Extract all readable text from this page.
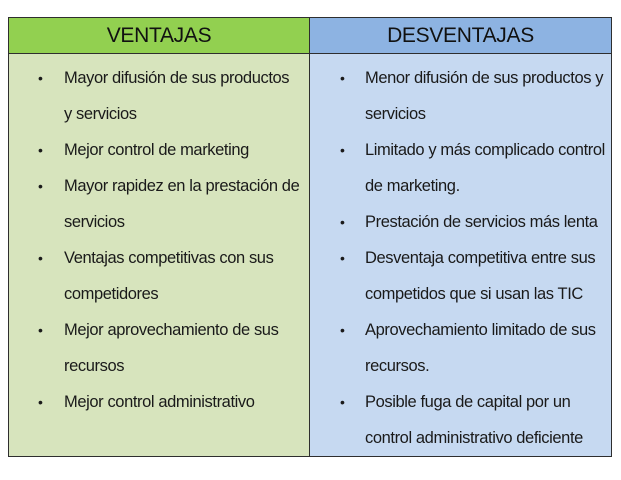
VENTAJAS	DESVENTAJAS
• Mayor difusión de sus productos y servicios
• Mejor control de marketing
• Mayor rapidez en la prestación de servicios
• Ventajas competitivas con sus competidores
• Mejor aprovechamiento de sus recursos
• Mejor control administrativo
• Menor difusión de sus productos y servicios
• Limitado y más complicado control de marketing.
• Prestación de servicios más lenta
• Desventaja competitiva entre sus competidos que si usan las TIC
• Aprovechamiento limitado de sus recursos.
• Posible fuga de capital por un control administrativo deficiente
